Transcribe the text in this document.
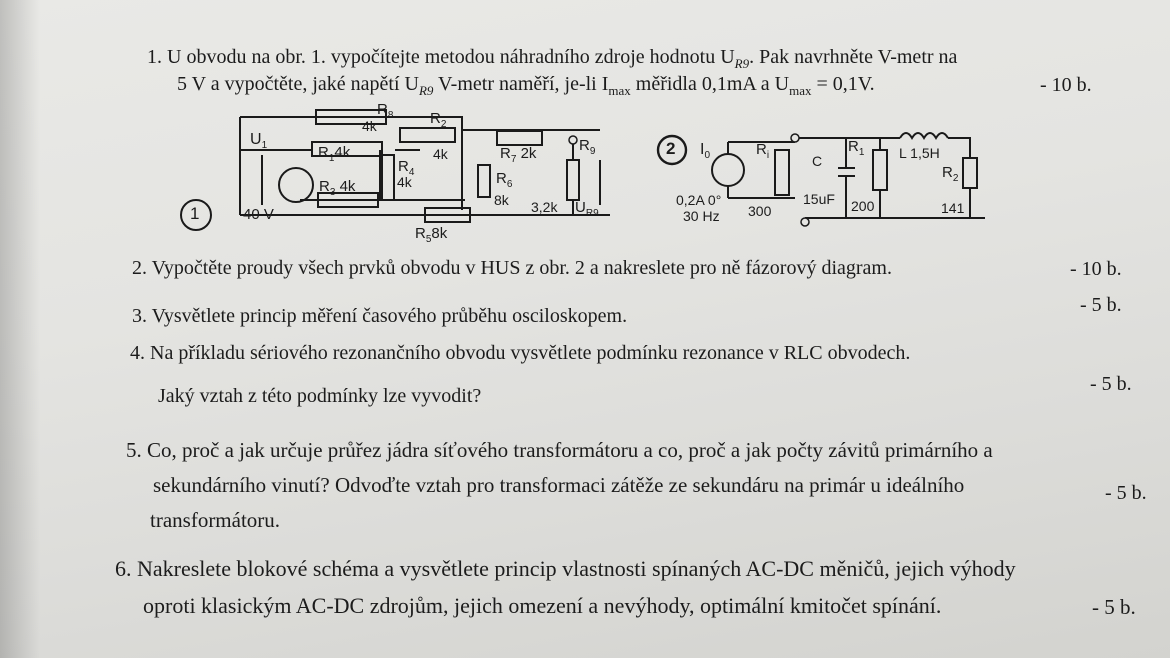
1. U obvodu na obr. 1. vypočítejte metodou náhradního zdroje hodnotu $U_{R9}$. Pak navrhněte V-metr na
5 V a vypočtěte, jaké napětí $U_{R9}$ V-metr naměří, je-li $I_{max}$ měřidla 0,1mA a $U_{max} = 0,1V$.	- 10 b.
1
$U_1$
40 V
$R_8$
4k
$R_14k$
$R_2$
4k
$R_3$ 4k
$R_4$
4k
$R_58k$
$R_6$
8k
$R_7$ 2k	$R_9$
3,2k $U_{R9}$
2 $I_0$
0,2A 0°
30 Hz
$R_i$
300
C
15uF
$R_1$
200
L 1,5H
$R_2$
141
2. Vypočtěte proudy všech prvků obvodu v HUS z obr. 2 a nakreslete pro ně fázorový diagram.	- 10 b.
3. Vysvětlete princip měření časového průběhu osciloskopem.	- 5 b.
4. Na příkladu sériového rezonančního obvodu vysvětlete podmínku rezonance v RLC obvodech.
Jaký vztah z této podmínky lze vyvodit?
- 5 b.
5. Co, proč a jak určuje průřez jádra síťového transformátoru a co, proč a jak počty závitů primárního a
sekundárního vinutí? Odvoďte vztah pro transformaci zátěže ze sekundáru na primár u ideálního
transformátoru.
- 5 b.
6. Nakreslete blokové schéma a vysvětlete princip vlastnosti spínaných AC-DC měničů, jejich výhody
oproti klasickým AC-DC zdrojům, jejich omezení a nevýhody, optimální kmitočet spínání.	- 5 b.
